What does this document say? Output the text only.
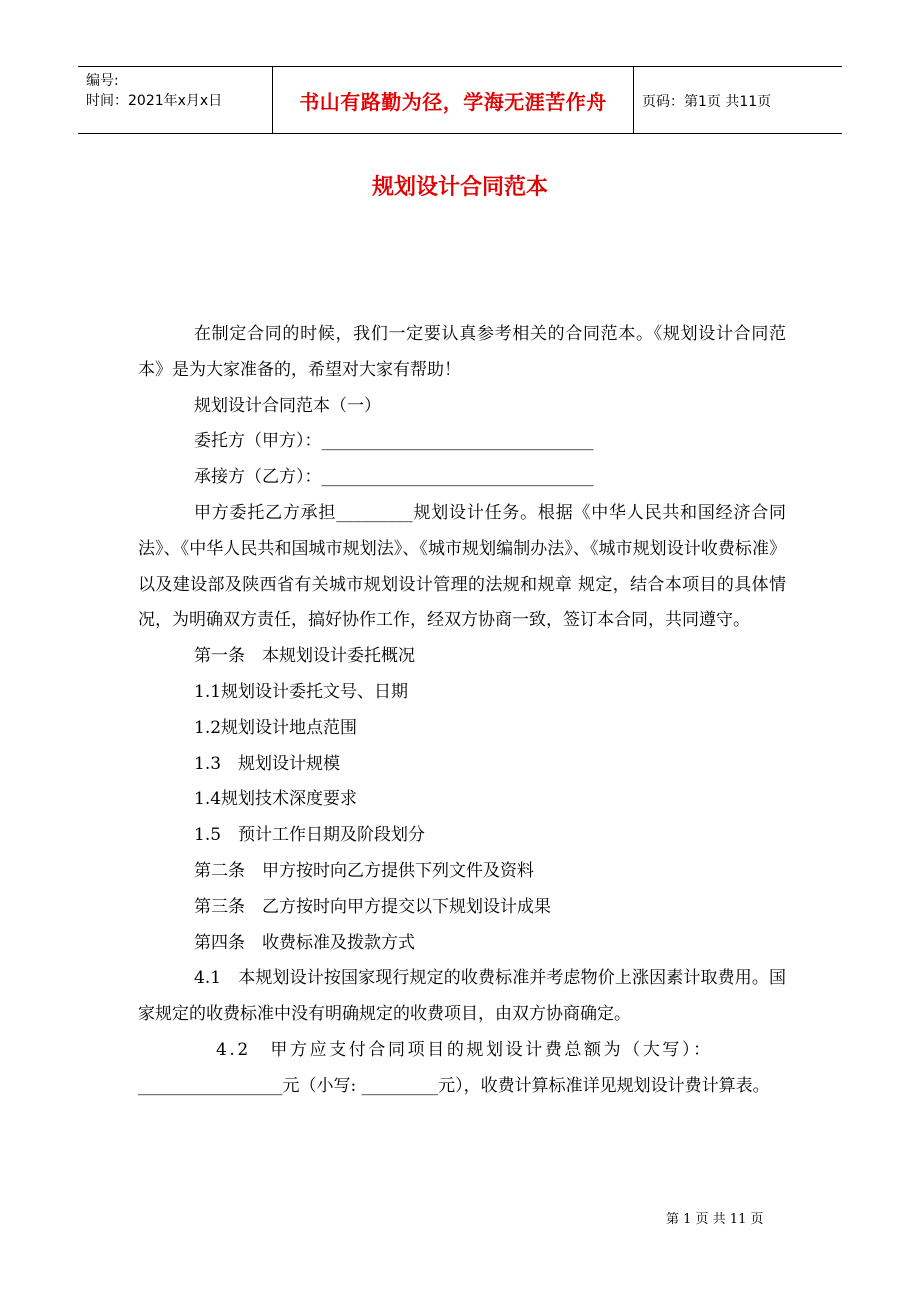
编号:
时间：2021年x月x日	书山有路勤为径，学海无涯苦作舟	页码：第1页 共11页
规划设计合同范本

在制定合同的时候，我们一定要认真参考相关的合同范本。《规划设计合同范本》是为大家准备的，希望对大家有帮助！

规划设计合同范本（一）

委托方（甲方）：________________________________

承接方（乙方）：________________________________

甲方委托乙方承担_________规划设计任务。根据《中华人民共和国经济合同法》、《中华人民共和国城市规划法》、《城市规划编制办法》、《城市规划设计收费标准》以及建设部及陕西省有关城市规划设计管理的法规和规章 规定，结合本项目的具体情况，为明确双方责任，搞好协作工作，经双方协商一致，签订本合同，共同遵守。

第一条　本规划设计委托概况

1.1规划设计委托文号、日期

1.2规划设计地点范围

1.3　规划设计规模

1.4规划技术深度要求

1.5　预计工作日期及阶段划分

第二条　甲方按时向乙方提供下列文件及资料

第三条　乙方按时向甲方提交以下规划设计成果

第四条　收费标准及拨款方式

4.1　本规划设计按国家现行规定的收费标准并考虑物价上涨因素计取费用。国家规定的收费标准中没有明确规定的收费项目，由双方协商确定。

4.2　甲方应支付合同项目的规划设计费总额为（大写）：

_________________元（小写: _________元），收费计算标准详见规划设计费计算表。

第 1 页 共 11 页
